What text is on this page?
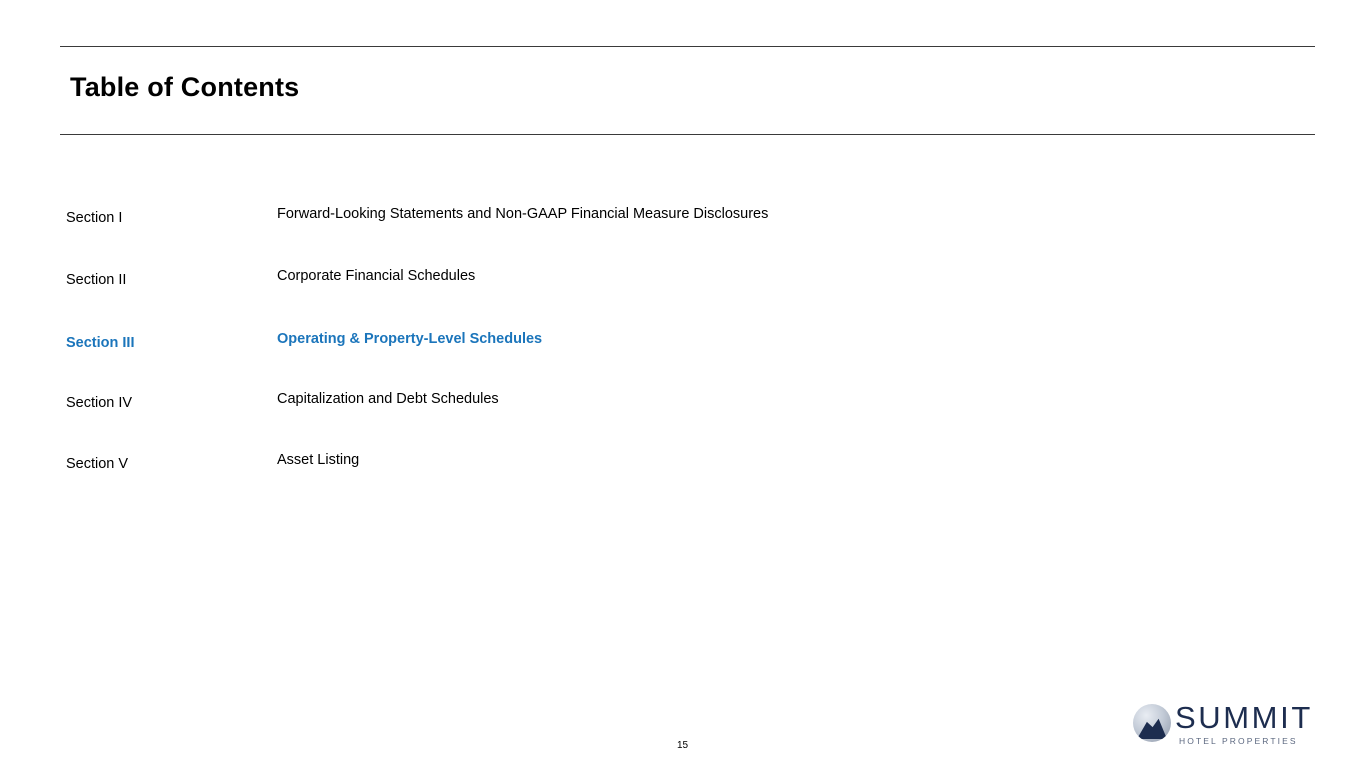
Table of Contents
Section I	Forward-Looking Statements and Non-GAAP Financial Measure Disclosures
Section II	Corporate Financial Schedules
Section III	Operating & Property-Level Schedules
Section IV	Capitalization and Debt Schedules
Section V	Asset Listing
15
SUMMIT
HOTEL PROPERTIES
